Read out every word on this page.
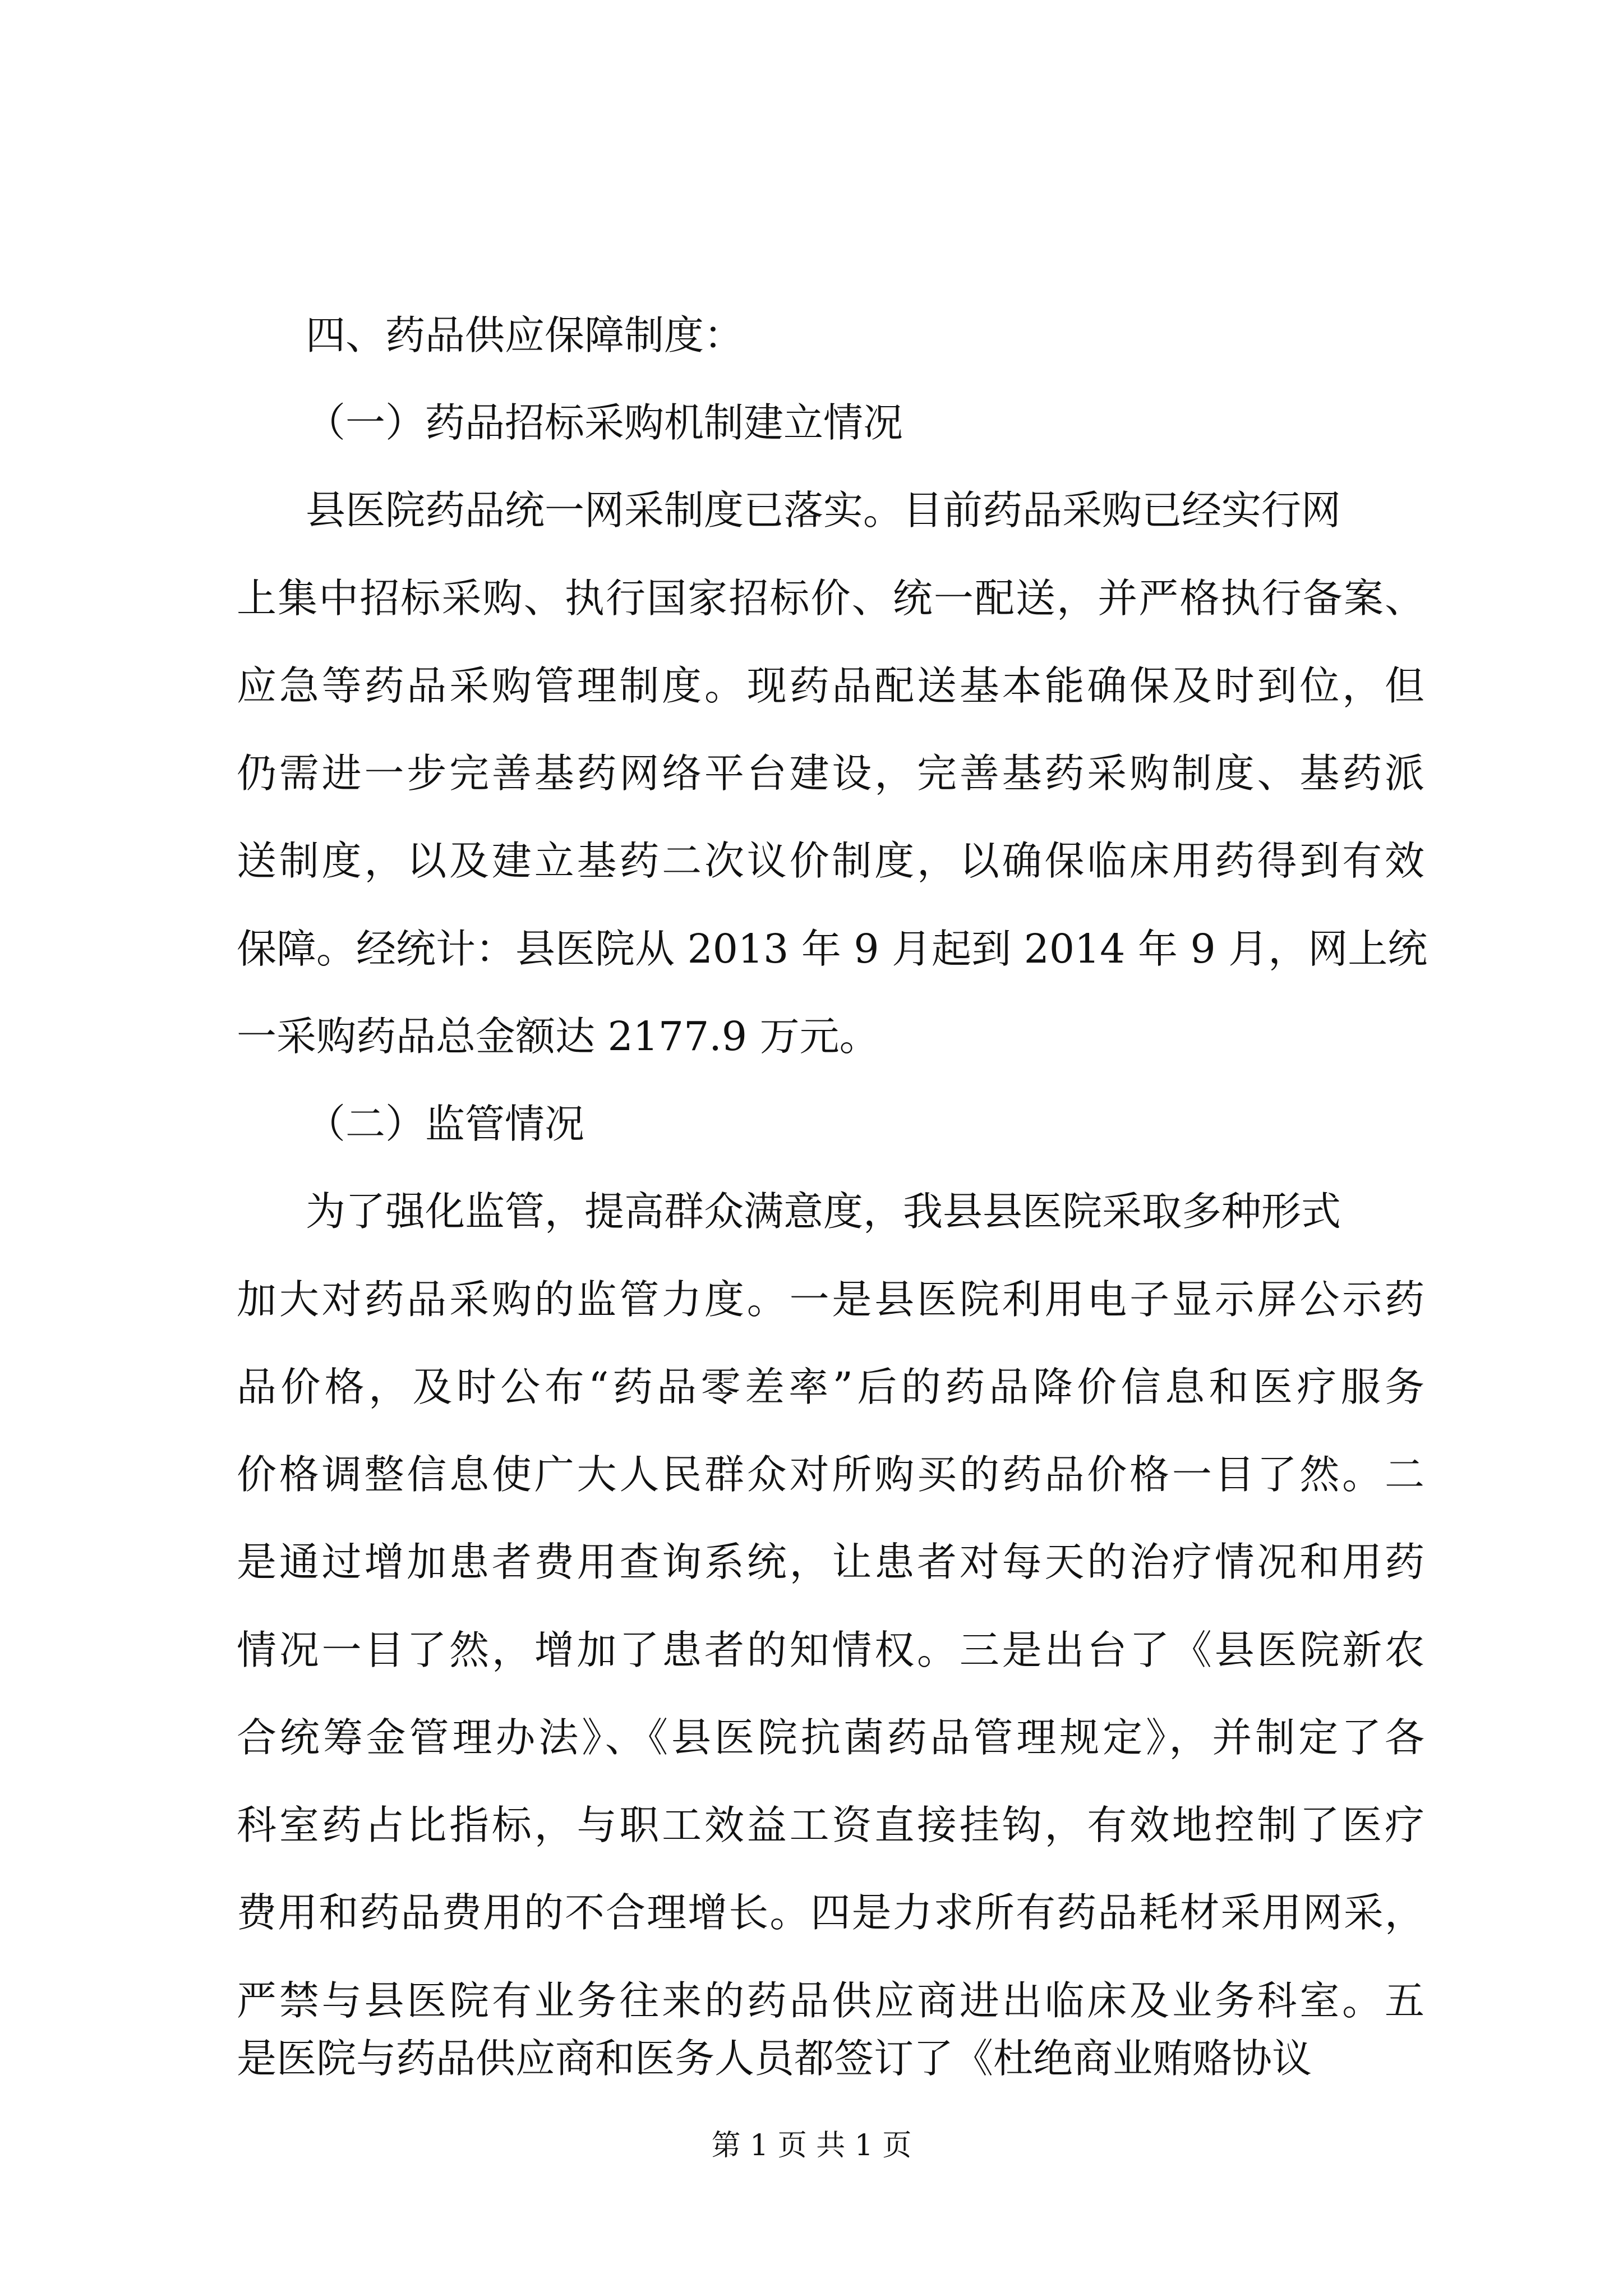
四、药品供应保障制度：
（一）药品招标采购机制建立情况
县医院药品统一网采制度已落实。目前药品采购已经实行网
上集中招标采购、执行国家招标价、统一配送，并严格执行备案、
应急等药品采购管理制度。现药品配送基本能确保及时到位，但
仍需进一步完善基药网络平台建设，完善基药采购制度、基药派
送制度，以及建立基药二次议价制度，以确保临床用药得到有效
保障。经统计：县医院从 2013 年 9 月起到 2014 年 9 月，网上统
一采购药品总金额达 2177.9 万元。
（二）监管情况
为了强化监管，提高群众满意度，我县县医院采取多种形式
加大对药品采购的监管力度。一是县医院利用电子显示屏公示药
品价格，及时公布“药品零差率”后的药品降价信息和医疗服务
价格调整信息使广大人民群众对所购买的药品价格一目了然。二
是通过增加患者费用查询系统，让患者对每天的治疗情况和用药
情况一目了然，增加了患者的知情权。三是出台了《县医院新农
合统筹金管理办法》、《县医院抗菌药品管理规定》，并制定了各
科室药占比指标，与职工效益工资直接挂钩，有效地控制了医疗
费用和药品费用的不合理增长。四是力求所有药品耗材采用网采，
严禁与县医院有业务往来的药品供应商进出临床及业务科室。五
是医院与药品供应商和医务人员都签订了《杜绝商业贿赂协议
第 1 页 共 1 页
